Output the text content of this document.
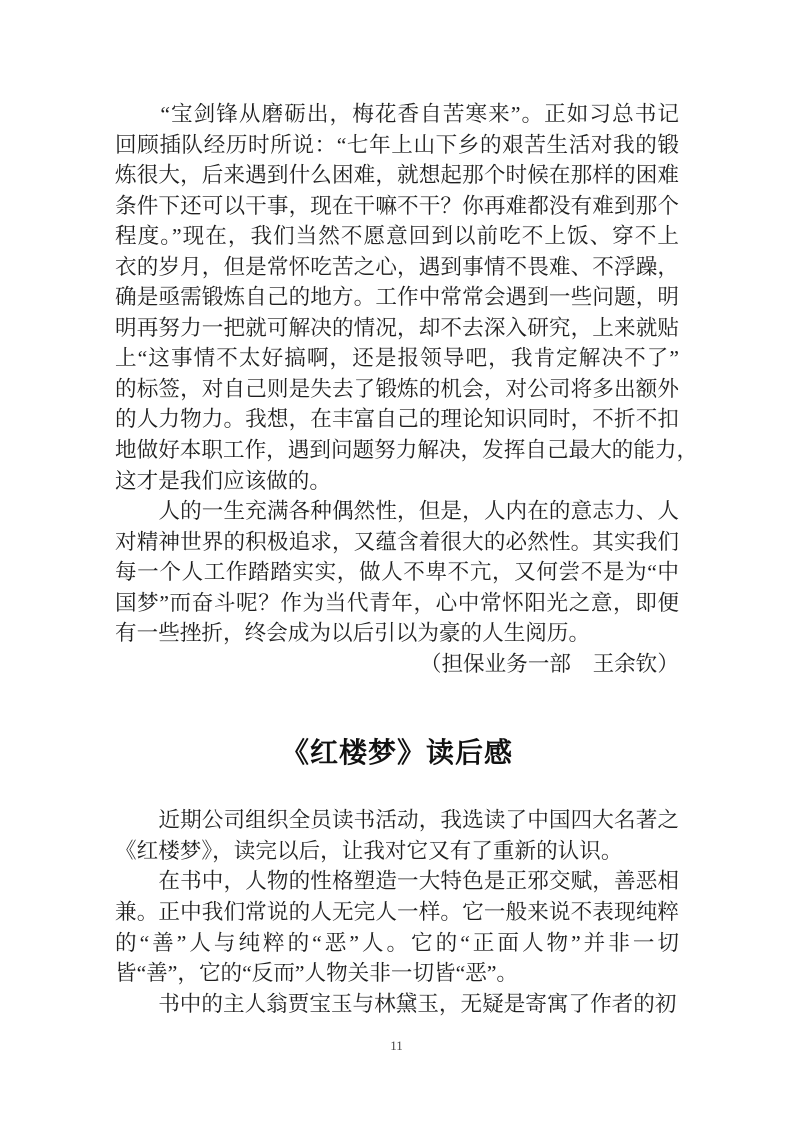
　　“宝剑锋从磨砺出，梅花香自苦寒来”。正如习总书记
回顾插队经历时所说：“七年上山下乡的艰苦生活对我的锻
炼很大，后来遇到什么困难，就想起那个时候在那样的困难
条件下还可以干事，现在干嘛不干？你再难都没有难到那个
程度。”现在，我们当然不愿意回到以前吃不上饭、穿不上
衣的岁月，但是常怀吃苦之心，遇到事情不畏难、不浮躁，
确是亟需锻炼自己的地方。工作中常常会遇到一些问题，明
明再努力一把就可解决的情况，却不去深入研究，上来就贴
上“这事情不太好搞啊，还是报领导吧，我肯定解决不了”
的标签，对自己则是失去了锻炼的机会，对公司将多出额外
的人力物力。我想，在丰富自己的理论知识同时，不折不扣
地做好本职工作，遇到问题努力解决，发挥自己最大的能力，
这才是我们应该做的。
　　人的一生充满各种偶然性，但是，人内在的意志力、人
对精神世界的积极追求，又蕴含着很大的必然性。其实我们
每一个人工作踏踏实实，做人不卑不亢，又何尝不是为“中
国梦”而奋斗呢？作为当代青年，心中常怀阳光之意，即便
有一些挫折，终会成为以后引以为豪的人生阅历。
（担保业务一部　王余钦）
《红楼梦》读后感
　　近期公司组织全员读书活动，我选读了中国四大名著之
《红楼梦》，读完以后，让我对它又有了重新的认识。
　　在书中，人物的性格塑造一大特色是正邪交赋，善恶相
兼。正中我们常说的人无完人一样。它一般来说不表现纯粹
的“善”人与纯粹的“恶”人。它的“正面人物”并非一切
皆“善”，它的“反而”人物关非一切皆“恶”。
　　书中的主人翁贾宝玉与林黛玉，无疑是寄寓了作者的初
11
